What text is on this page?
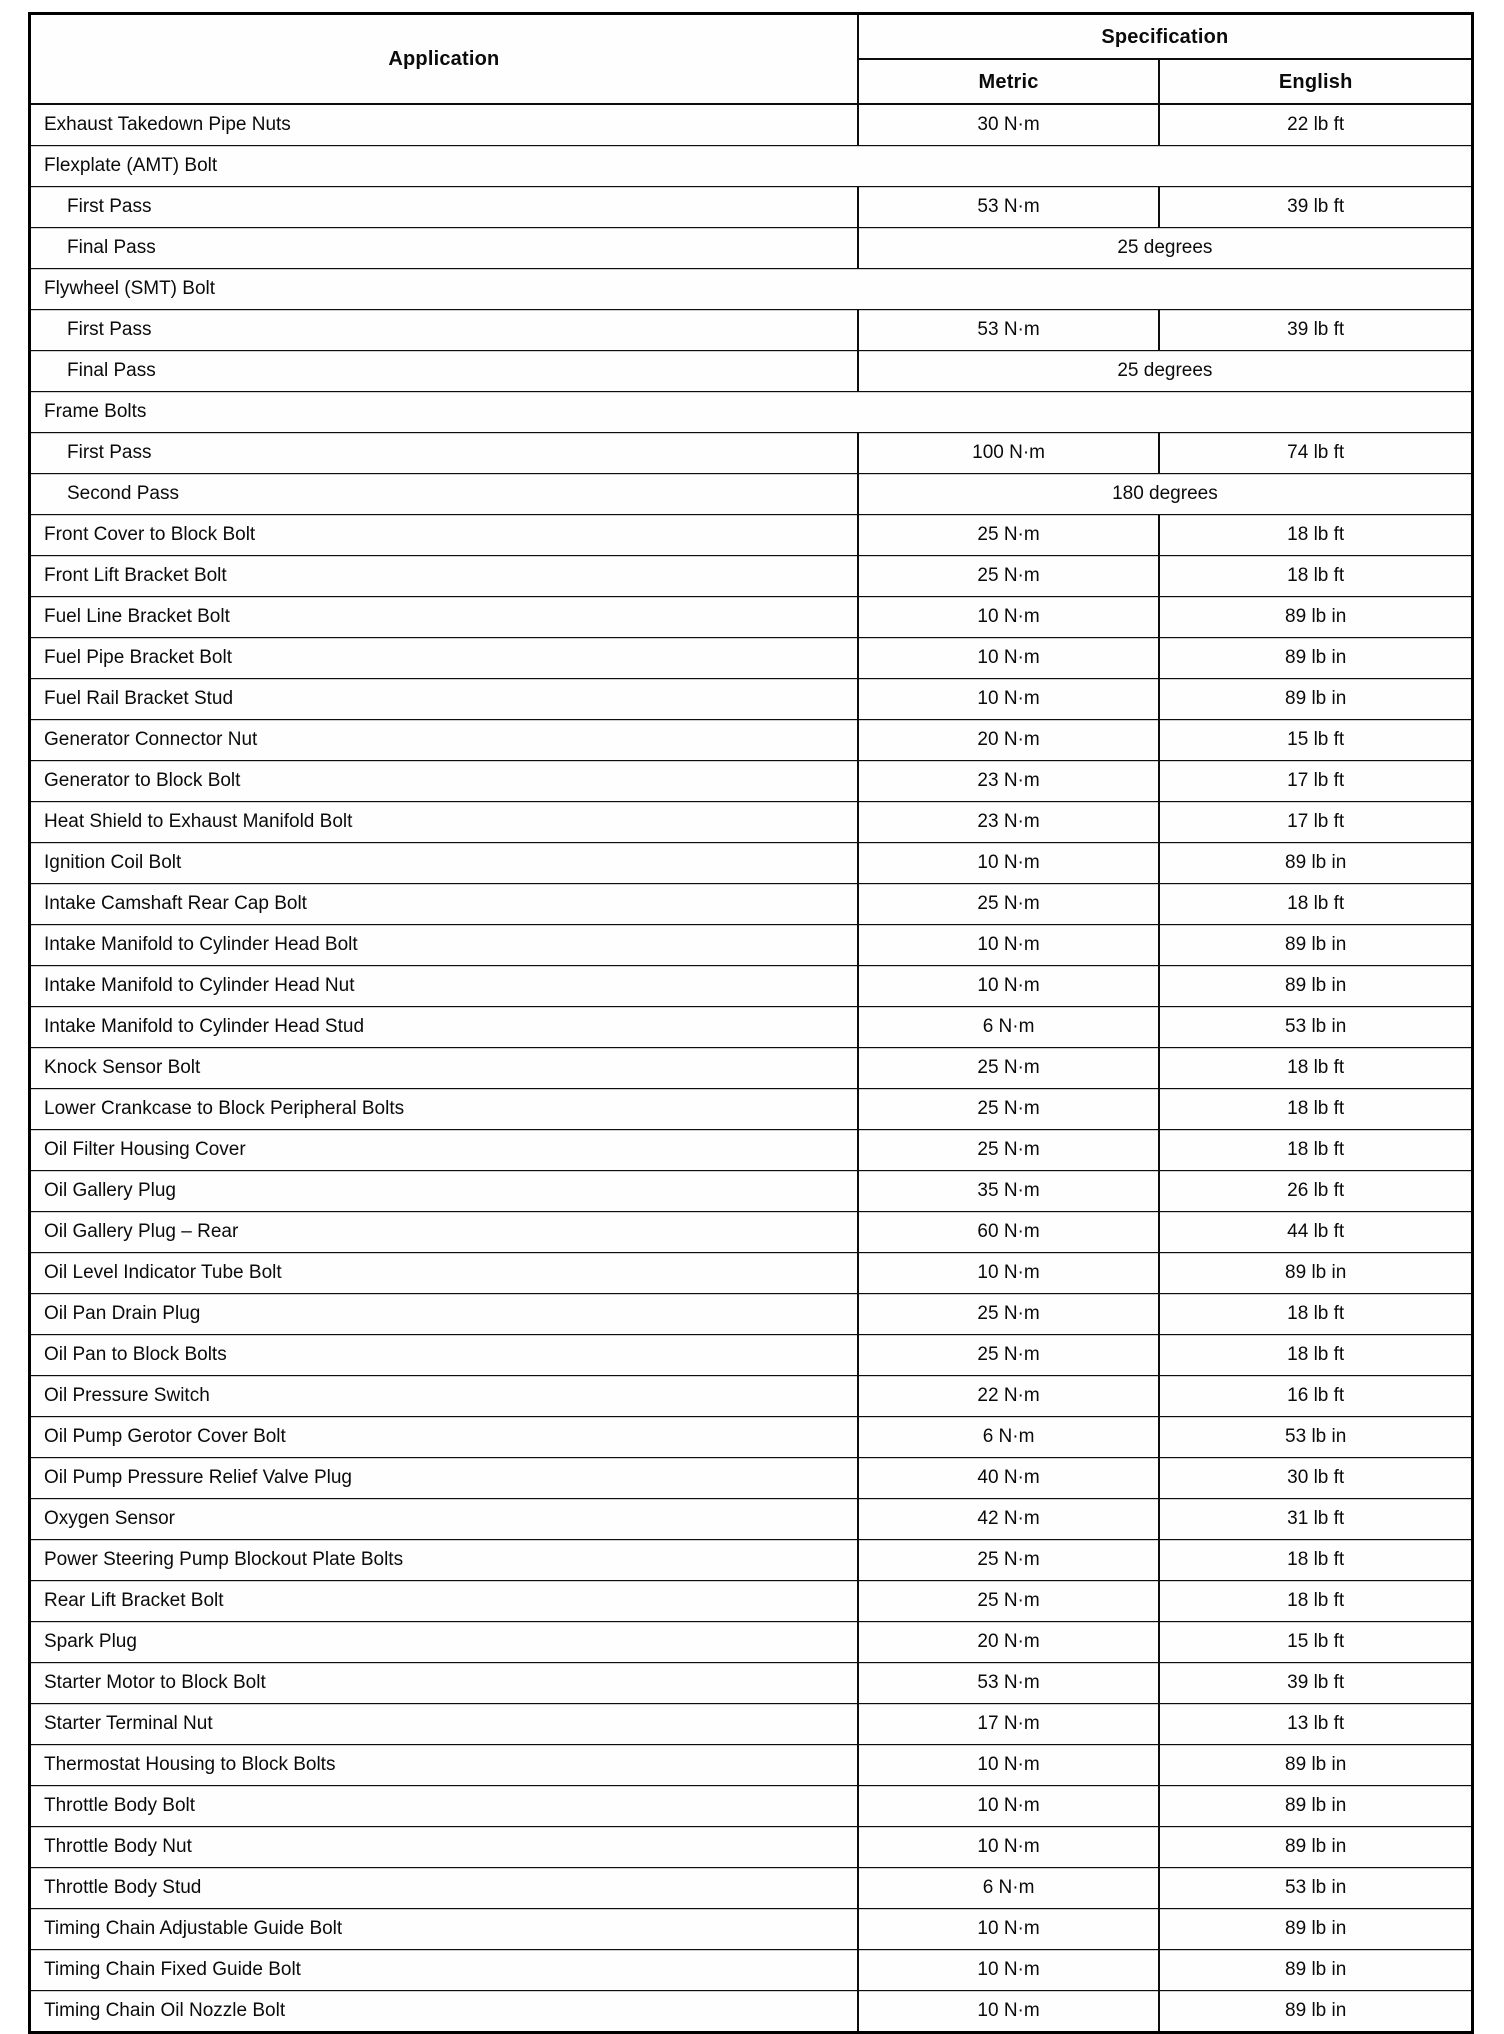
Application	Specification	
	Metric	English
Exhaust Takedown Pipe Nuts	30 N·m	22 lb ft
Flexplate (AMT) Bolt		
First Pass	53 N·m	39 lb ft
Final Pass	25 degrees	
Flywheel (SMT) Bolt		
First Pass	53 N·m	39 lb ft
Final Pass	25 degrees	
Frame Bolts		
First Pass	100 N·m	74 lb ft
Second Pass	180 degrees	
Front Cover to Block Bolt	25 N·m	18 lb ft
Front Lift Bracket Bolt	25 N·m	18 lb ft
Fuel Line Bracket Bolt	10 N·m	89 lb in
Fuel Pipe Bracket Bolt	10 N·m	89 lb in
Fuel Rail Bracket Stud	10 N·m	89 lb in
Generator Connector Nut	20 N·m	15 lb ft
Generator to Block Bolt	23 N·m	17 lb ft
Heat Shield to Exhaust Manifold Bolt	23 N·m	17 lb ft
Ignition Coil Bolt	10 N·m	89 lb in
Intake Camshaft Rear Cap Bolt	25 N·m	18 lb ft
Intake Manifold to Cylinder Head Bolt	10 N·m	89 lb in
Intake Manifold to Cylinder Head Nut	10 N·m	89 lb in
Intake Manifold to Cylinder Head Stud	6 N·m	53 lb in
Knock Sensor Bolt	25 N·m	18 lb ft
Lower Crankcase to Block Peripheral Bolts	25 N·m	18 lb ft
Oil Filter Housing Cover	25 N·m	18 lb ft
Oil Gallery Plug	35 N·m	26 lb ft
Oil Gallery Plug – Rear	60 N·m	44 lb ft
Oil Level Indicator Tube Bolt	10 N·m	89 lb in
Oil Pan Drain Plug	25 N·m	18 lb ft
Oil Pan to Block Bolts	25 N·m	18 lb ft
Oil Pressure Switch	22 N·m	16 lb ft
Oil Pump Gerotor Cover Bolt	6 N·m	53 lb in
Oil Pump Pressure Relief Valve Plug	40 N·m	30 lb ft
Oxygen Sensor	42 N·m	31 lb ft
Power Steering Pump Blockout Plate Bolts	25 N·m	18 lb ft
Rear Lift Bracket Bolt	25 N·m	18 lb ft
Spark Plug	20 N·m	15 lb ft
Starter Motor to Block Bolt	53 N·m	39 lb ft
Starter Terminal Nut	17 N·m	13 lb ft
Thermostat Housing to Block Bolts	10 N·m	89 lb in
Throttle Body Bolt	10 N·m	89 lb in
Throttle Body Nut	10 N·m	89 lb in
Throttle Body Stud	6 N·m	53 lb in
Timing Chain Adjustable Guide Bolt	10 N·m	89 lb in
Timing Chain Fixed Guide Bolt	10 N·m	89 lb in
Timing Chain Oil Nozzle Bolt	10 N·m	89 lb in
